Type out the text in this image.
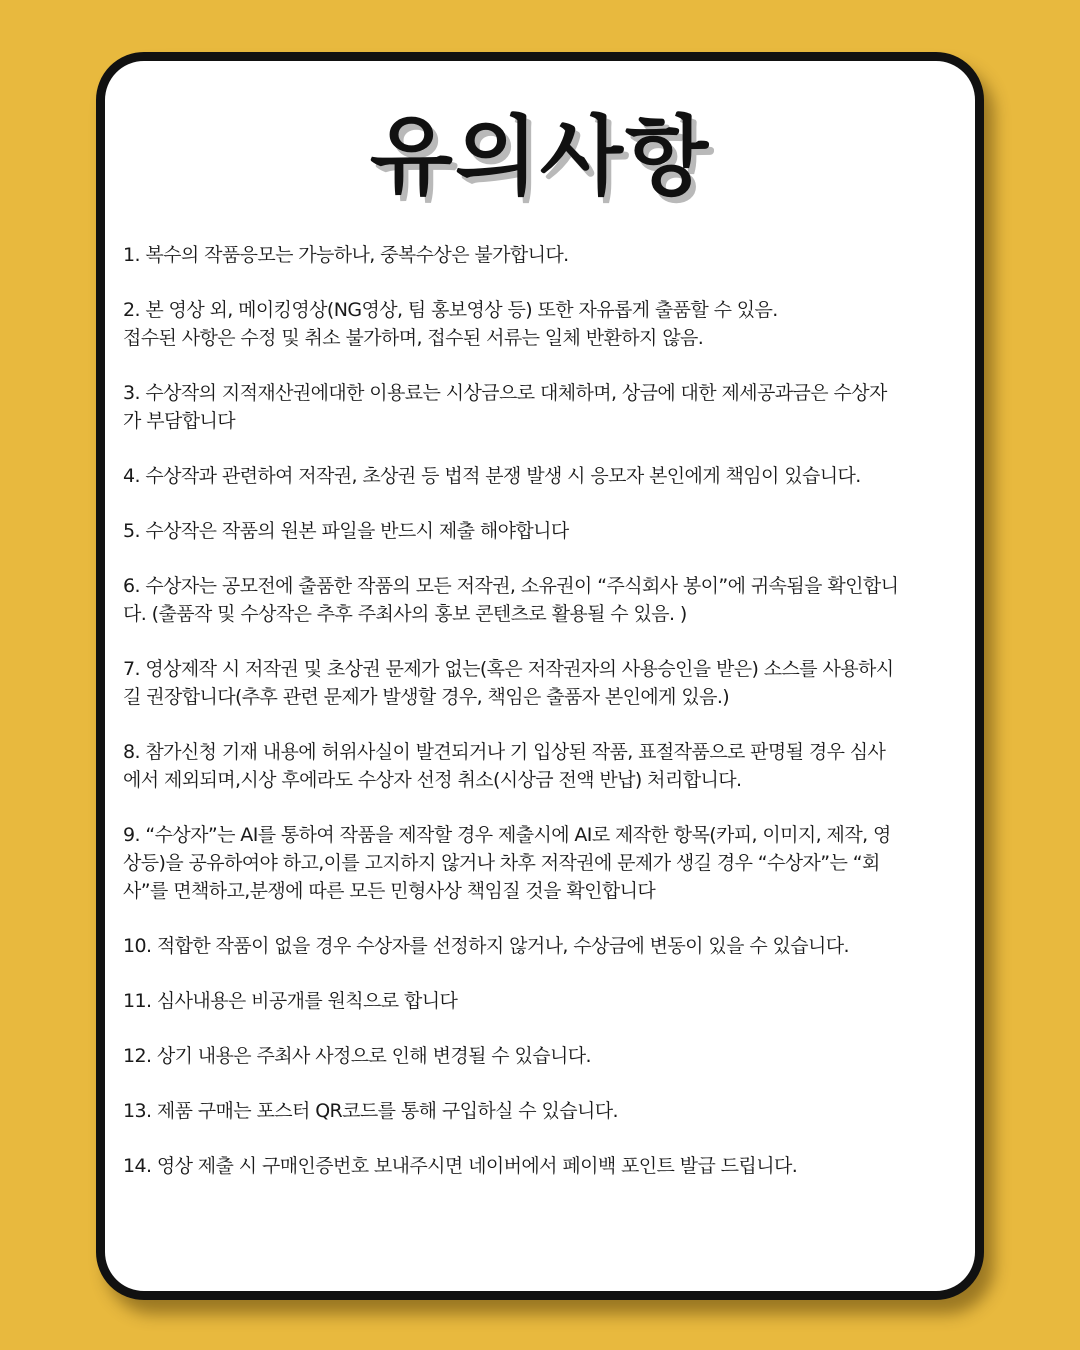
유의사항
1. 복수의 작품응모는 가능하나, 중복수상은 불가합니다.
2. 본 영상 외, 메이킹영상(NG영상, 팀 홍보영상 등) 또한 자유롭게 출품할 수 있음.
접수된 사항은 수정 및 취소 불가하며, 접수된 서류는 일체 반환하지 않음.
3. 수상작의 지적재산권에대한 이용료는 시상금으로 대체하며, 상금에 대한 제세공과금은 수상자
가 부담합니다
4. 수상작과 관련하여 저작권, 초상권 등 법적 분쟁 발생 시 응모자 본인에게 책임이 있습니다.
5. 수상작은 작품의 원본 파일을 반드시 제출 해야합니다
6. 수상자는 공모전에 출품한 작품의 모든 저작권, 소유권이 “주식회사 봉이”에 귀속됨을 확인합니
다. (출품작 및 수상작은 추후 주최사의 홍보 콘텐츠로 활용될 수 있음. )
7. 영상제작 시 저작권 및 초상권 문제가 없는(혹은 저작권자의 사용승인을 받은) 소스를 사용하시
길 권장합니다(추후 관련 문제가 발생할 경우, 책임은 출품자 본인에게 있음.)
8. 참가신청 기재 내용에 허위사실이 발견되거나 기 입상된 작품, 표절작품으로 판명될 경우 심사
에서 제외되며,시상 후에라도 수상자 선정 취소(시상금 전액 반납) 처리합니다.
9. “수상자”는 AI를 통하여 작품을 제작할 경우 제출시에 AI로 제작한 항목(카피, 이미지, 제작, 영
상등)을 공유하여야 하고,이를 고지하지 않거나 차후 저작권에 문제가 생길 경우 “수상자”는 “회
사”를 면책하고,분쟁에 따른 모든 민형사상 책임질 것을 확인합니다
10. 적합한 작품이 없을 경우 수상자를 선정하지 않거나, 수상금에 변동이 있을 수 있습니다.
11. 심사내용은 비공개를 원칙으로 합니다
12. 상기 내용은 주최사 사정으로 인해 변경될 수 있습니다.
13. 제품 구매는 포스터 QR코드를 통해 구입하실 수 있습니다.
14. 영상 제출 시 구매인증번호 보내주시면 네이버에서 페이백 포인트 발급 드립니다.
